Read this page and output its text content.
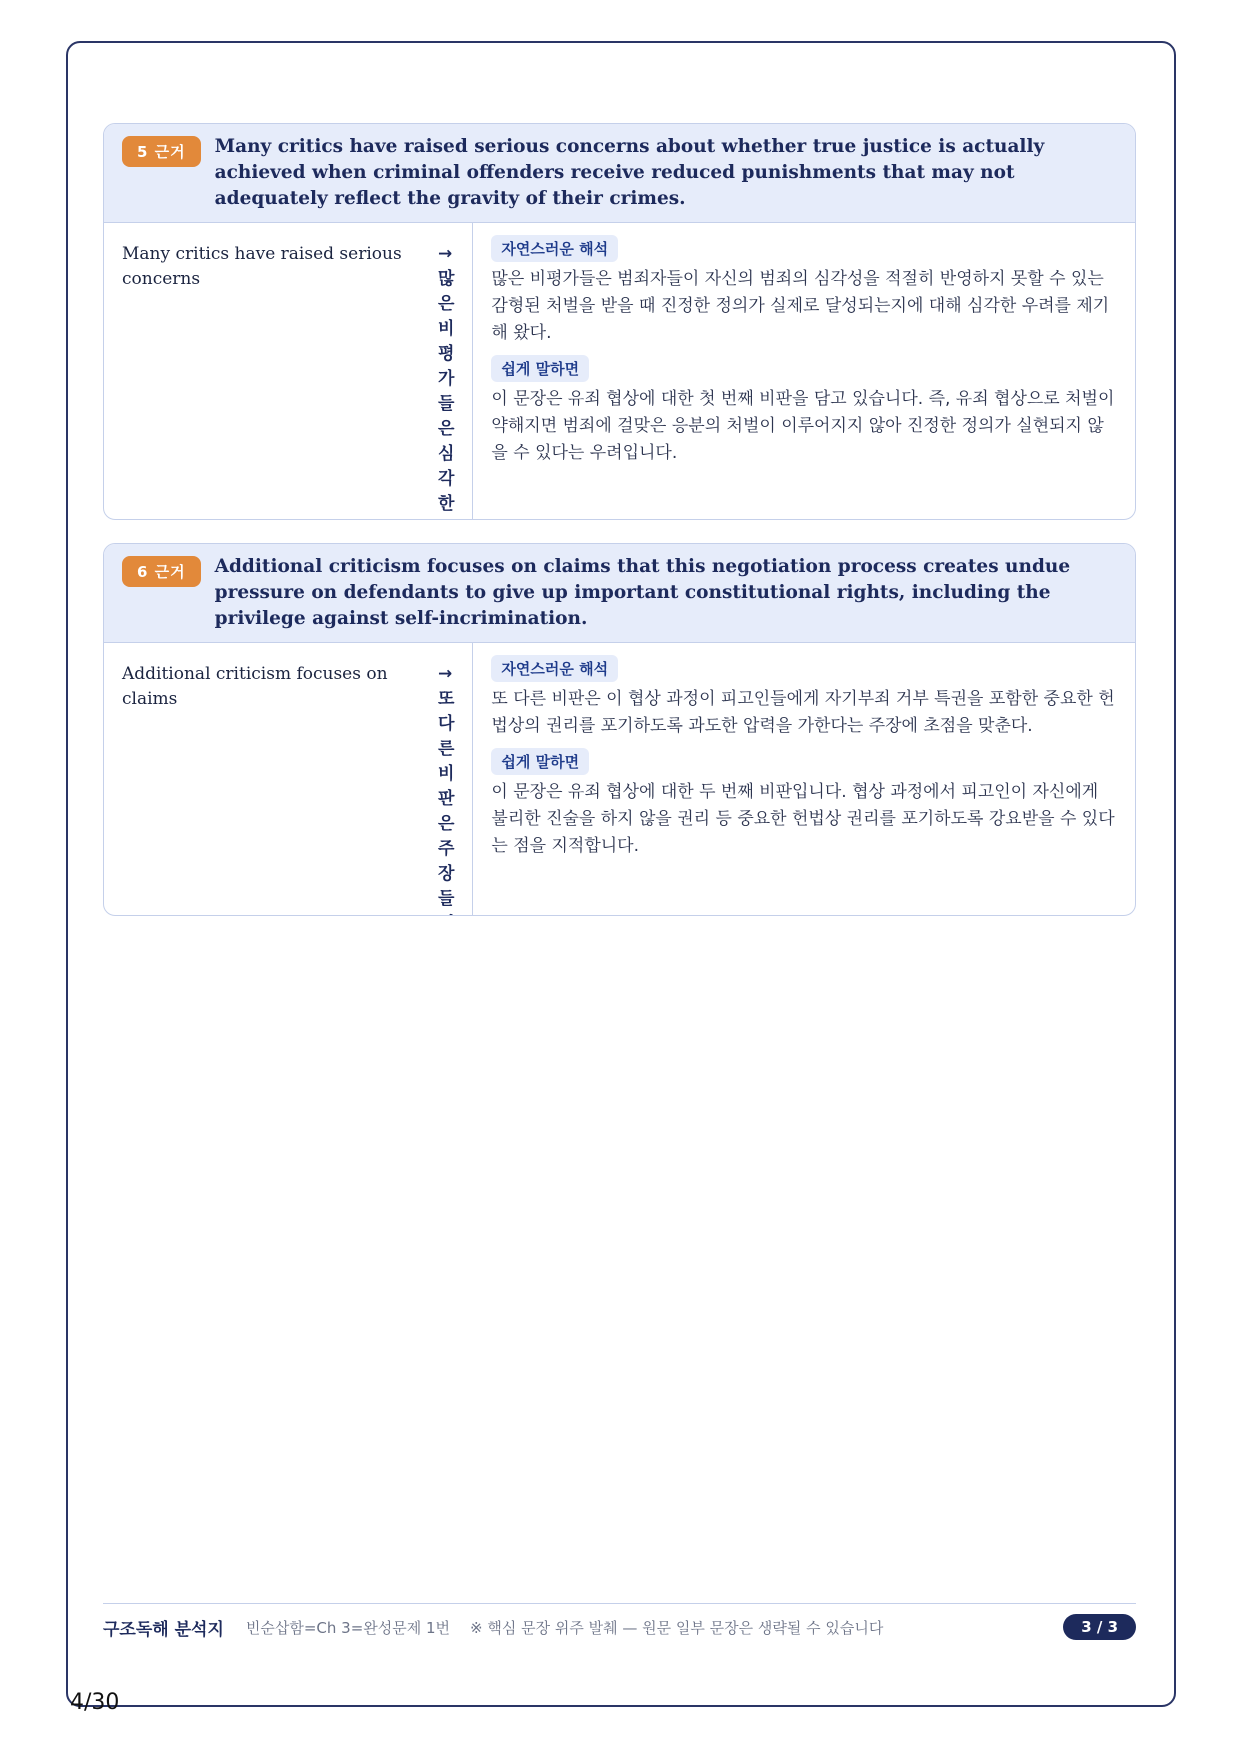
5 근거	Many critics have raised serious concerns about whether true justice is actually achieved when criminal offenders receive reduced punishments that may not adequately reflect the gravity of their crimes.
Many critics have raised serious concerns
→많은 비평가들은 심각한
자연스러운 해석

많은 비평가들은 범죄자들이 자신의 범죄의 심각성을 적절히 반영하지 못할 수 있는 감형된 처벌을 받을 때 진정한 정의가 실제로 달성되는지에 대해 심각한 우려를 제기해 왔다.

쉽게 말하면

이 문장은 유죄 협상에 대한 첫 번째 비판을 담고 있습니다. 즉, 유죄 협상으로 처벌이 약해지면 범죄에 걸맞은 응분의 처벌이 이루어지지 않아 진정한 정의가 실현되지 않을 수 있다는 우려입니다.

6 근거	Additional criticism focuses on claims that this negotiation process creates undue pressure on defendants to give up important constitutional rights, including the privilege against self-incrimination.
Additional criticism focuses on claims
→또 다른 비판은 주장들
자연스러운 해석

또 다른 비판은 이 협상 과정이 피고인들에게 자기부죄 거부 특권을 포함한 중요한 헌법상의 권리를 포기하도록 과도한 압력을 가한다는 주장에 초점을 맞춘다.

쉽게 말하면

이 문장은 유죄 협상에 대한 두 번째 비판입니다. 협상 과정에서 피고인이 자신에게 불리한 진술을 하지 않을 권리 등 중요한 헌법상 권리를 포기하도록 강요받을 수 있다는 점을 지적합니다.

구조독해 분석지 빈순삽함=Ch 3=완성문제 1번 ※ 핵심 문장 위주 발췌 — 원문 일부 문장은 생략될 수 있습니다	3 / 3
4/30
